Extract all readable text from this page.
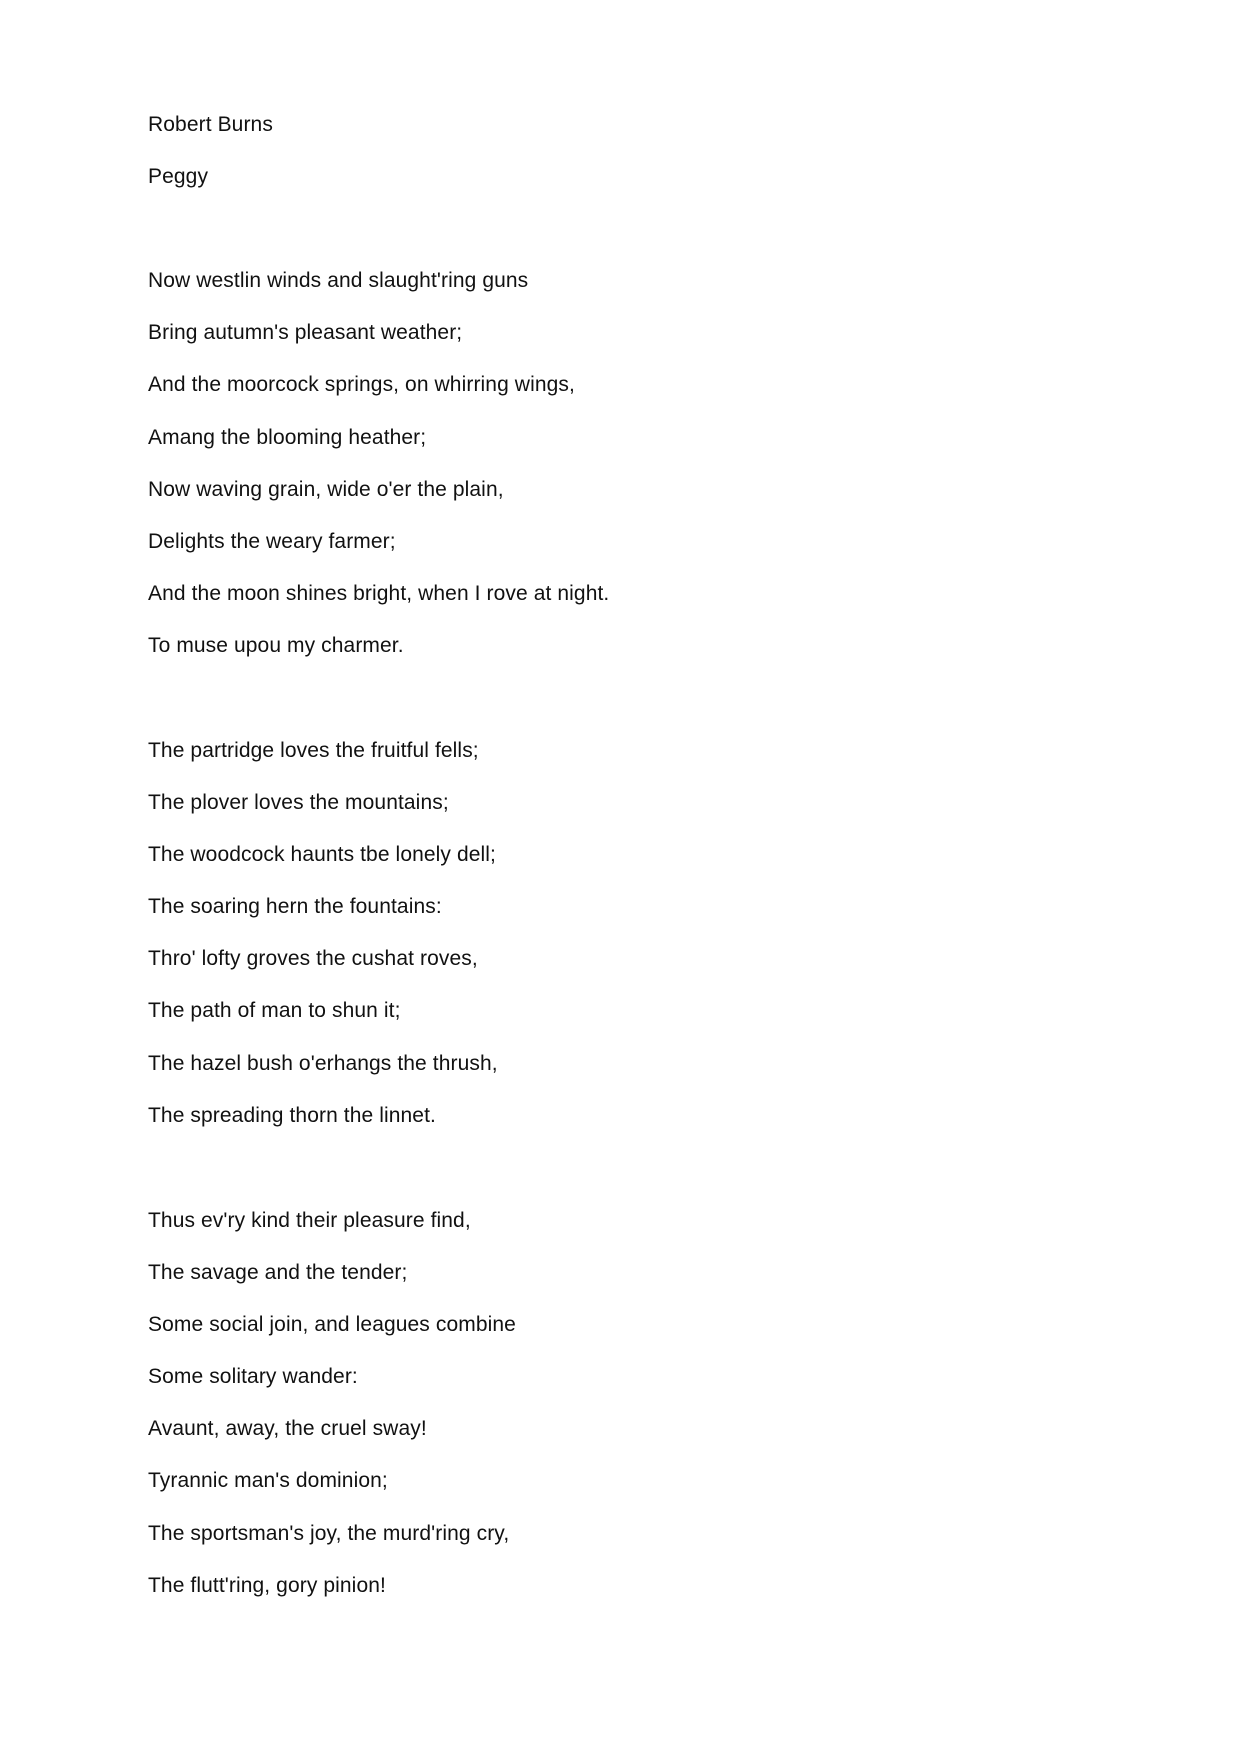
Robert Burns
Peggy
Now westlin winds and slaught'ring guns
Bring autumn's pleasant weather;
And the moorcock springs, on whirring wings,
Amang the blooming heather;
Now waving grain, wide o'er the plain,
Delights the weary farmer;
And the moon shines bright, when I rove at night.
To muse upou my charmer.
The partridge loves the fruitful fells;
The plover loves the mountains;
The woodcock haunts tbe lonely dell;
The soaring hern the fountains:
Thro' lofty groves the cushat roves,
The path of man to shun it;
The hazel bush o'erhangs the thrush,
The spreading thorn the linnet.
Thus ev'ry kind their pleasure find,
The savage and the tender;
Some social join, and leagues combine
Some solitary wander:
Avaunt, away, the cruel sway!
Tyrannic man's dominion;
The sportsman's joy, the murd'ring cry,
The flutt'ring, gory pinion!
